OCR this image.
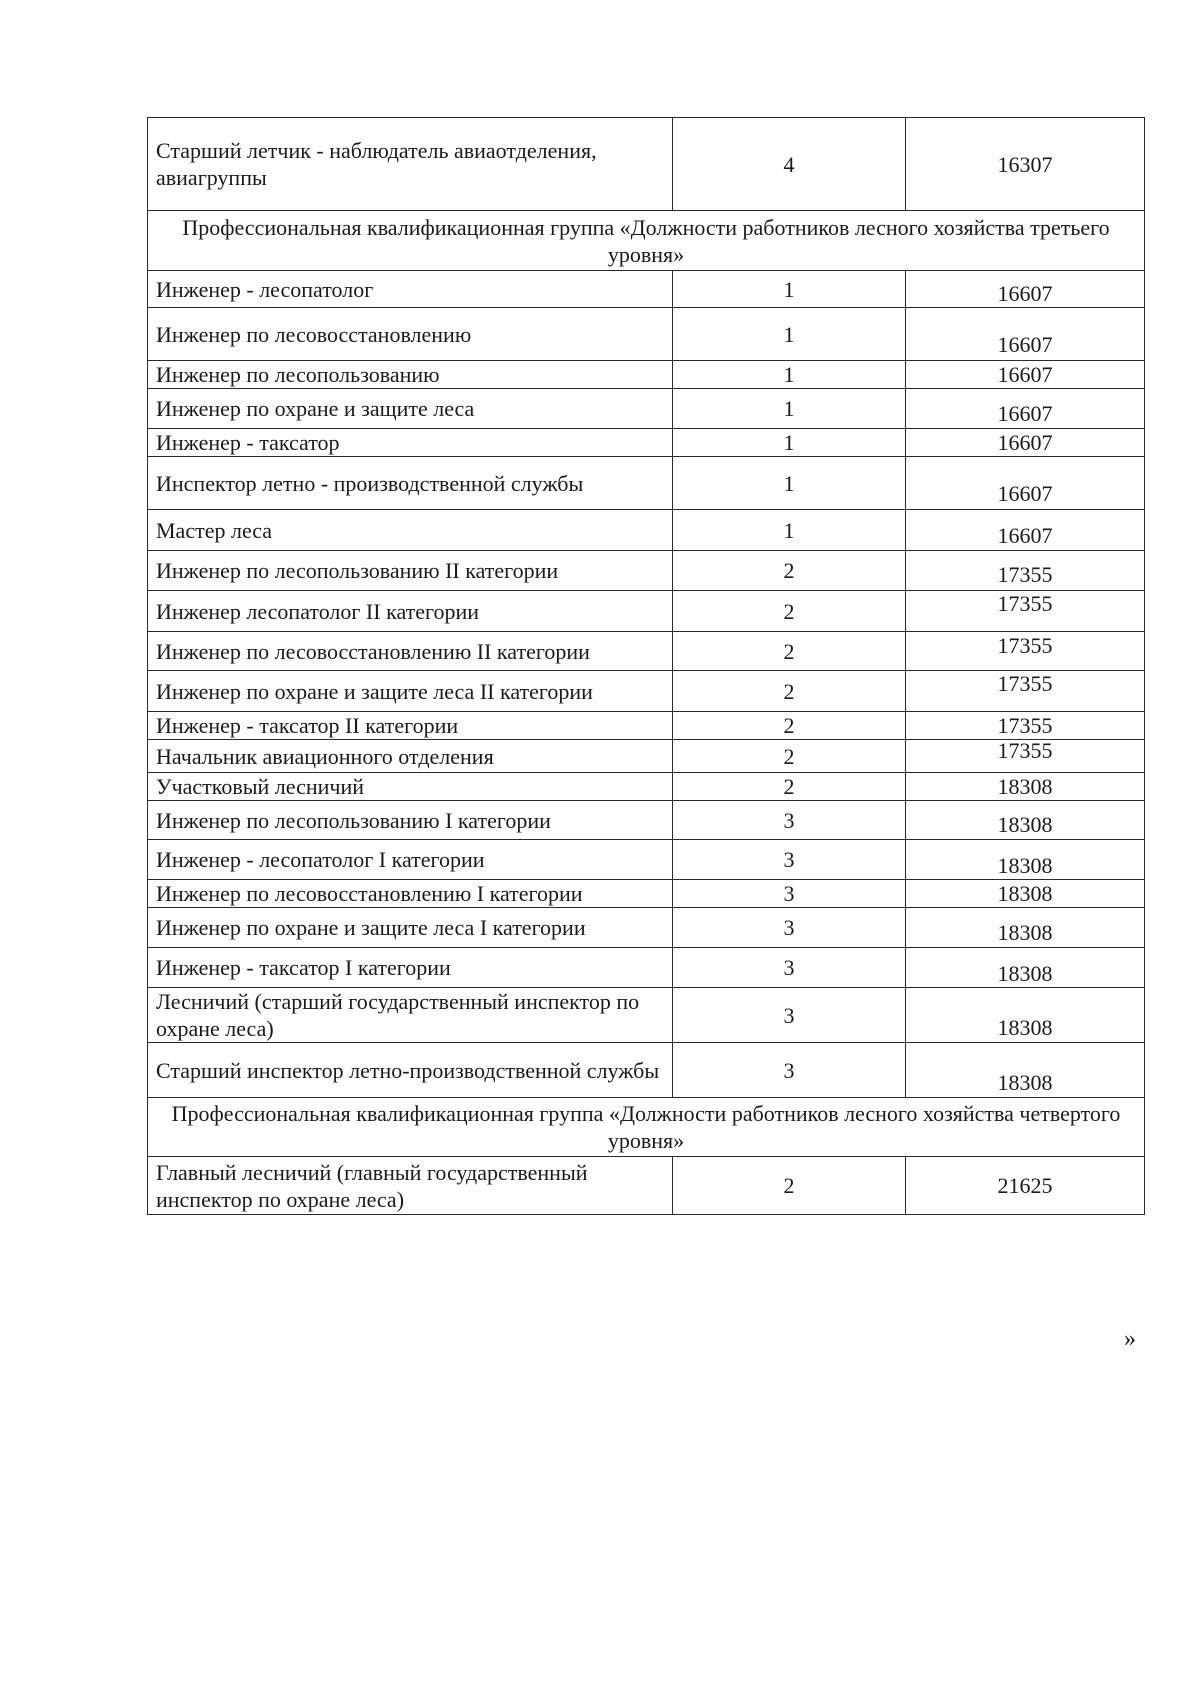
Старший летчик - наблюдатель авиаотделения, авиагруппы	4	16307
Профессиональная квалификационная группа «Должности работников лесного хозяйства третьего уровня»		
Инженер - лесопатолог	1	16607
Инженер по лесовосстановлению	1	16607
Инженер по лесопользованию	1	16607
Инженер по охране и защите леса	1	16607
Инженер - таксатор	1	16607
Инспектор летно - производственной службы	1	16607
Мастер леса	1	16607
Инженер по лесопользованию II категории	2	17355
Инженер лесопатолог II категории	2	17355
Инженер по лесовосстановлению II категории	2	17355
Инженер по охране и защите леса II категории	2	17355
Инженер - таксатор II категории	2	17355
Начальник авиационного отделения	2	17355
Участковый лесничий	2	18308
Инженер по лесопользованию I категории	3	18308
Инженер - лесопатолог I категории	3	18308
Инженер по лесовосстановлению I категории	3	18308
Инженер по охране и защите леса I категории	3	18308
Инженер - таксатор I категории	3	18308
Лесничий (старший государственный инспектор по охране леса)	3	18308
Старший инспектор летно-производственной службы	3	18308
Профессиональная квалификационная группа «Должности работников лесного хозяйства четвертого уровня»		
Главный лесничий (главный государственный инспектор по охране леса)	2	21625
»
